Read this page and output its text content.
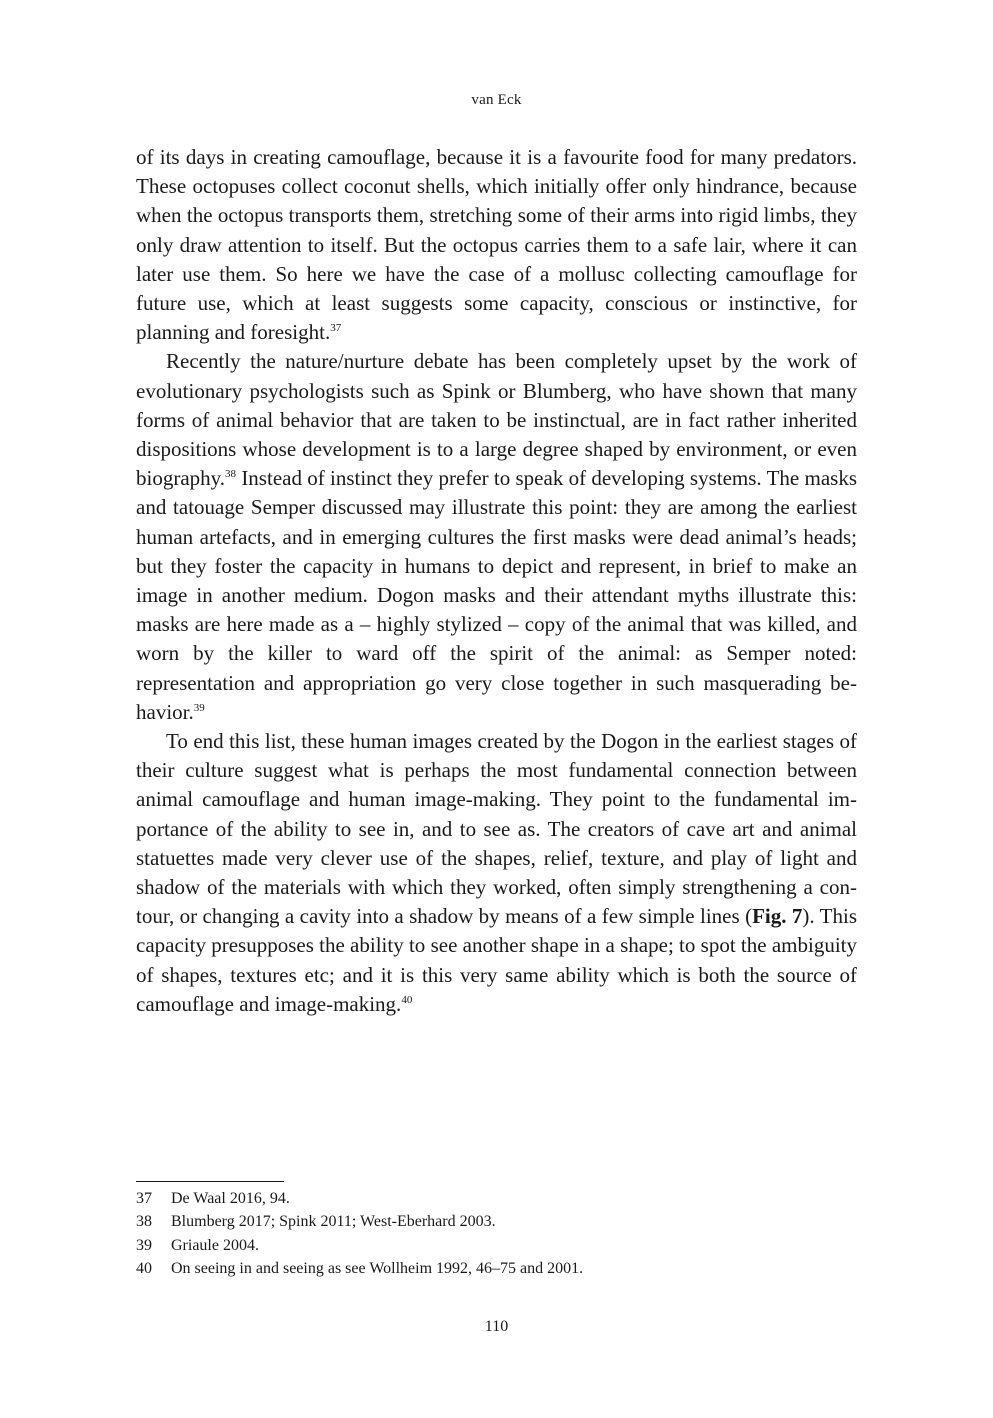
van Eck

of its days in creating camouflage, because it is a favourite food for many predators. These octopuses collect coconut shells, which initially offer only hindrance, because when the octopus transports them, stretching some of their arms into rigid limbs, they only draw attention to itself. But the octopus carries them to a safe lair, where it can later use them. So here we have the case of a mollusc collecting camouflage for future use, which at least suggests some capacity, conscious or instinctive, for planning and foresight.$^{37}$

Recently the nature/nurture debate has been completely upset by the work of evolutionary psychologists such as Spink or Blumberg, who have shown that many forms of animal behavior that are taken to be instinctual, are in fact rather inherited dispositions whose development is to a large degree shaped by environment, or even biography.$^{38}$ Instead of instinct they prefer to speak of developing systems. The masks and tatouage Semper discussed may illustrate this point: they are among the earliest human artefacts, and in emerging cultures the first masks were dead animal’s heads; but they foster the capacity in humans to depict and represent, in brief to make an image in another medium. Dogon masks and their attendant myths illustrate this: masks are here made as a – highly stylized – copy of the animal that was killed, and worn by the killer to ward off the spirit of the animal: as Semper noted: representation and appropriation go very close together in such masquerading behavior.$^{39}$

To end this list, these human images created by the Dogon in the earliest stages of their culture suggest what is perhaps the most fundamental connection between animal camouflage and human image-making. They point to the fundamental importance of the ability to see in, and to see as. The creators of cave art and animal statuettes made very clever use of the shapes, relief, texture, and play of light and shadow of the materials with which they worked, often simply strengthening a contour, or changing a cavity into a shadow by means of a few simple lines (Fig. 7). This capacity presupposes the ability to see another shape in a shape; to spot the ambiguity of shapes, textures etc; and it is this very same ability which is both the source of camouflage and image-making.$^{40}$

37	De Waal 2016, 94.
38	Blumberg 2017; Spink 2011; West-Eberhard 2003.
39	Griaule 2004.
40	On seeing in and seeing as see Wollheim 1992, 46–75 and 2001.
110
